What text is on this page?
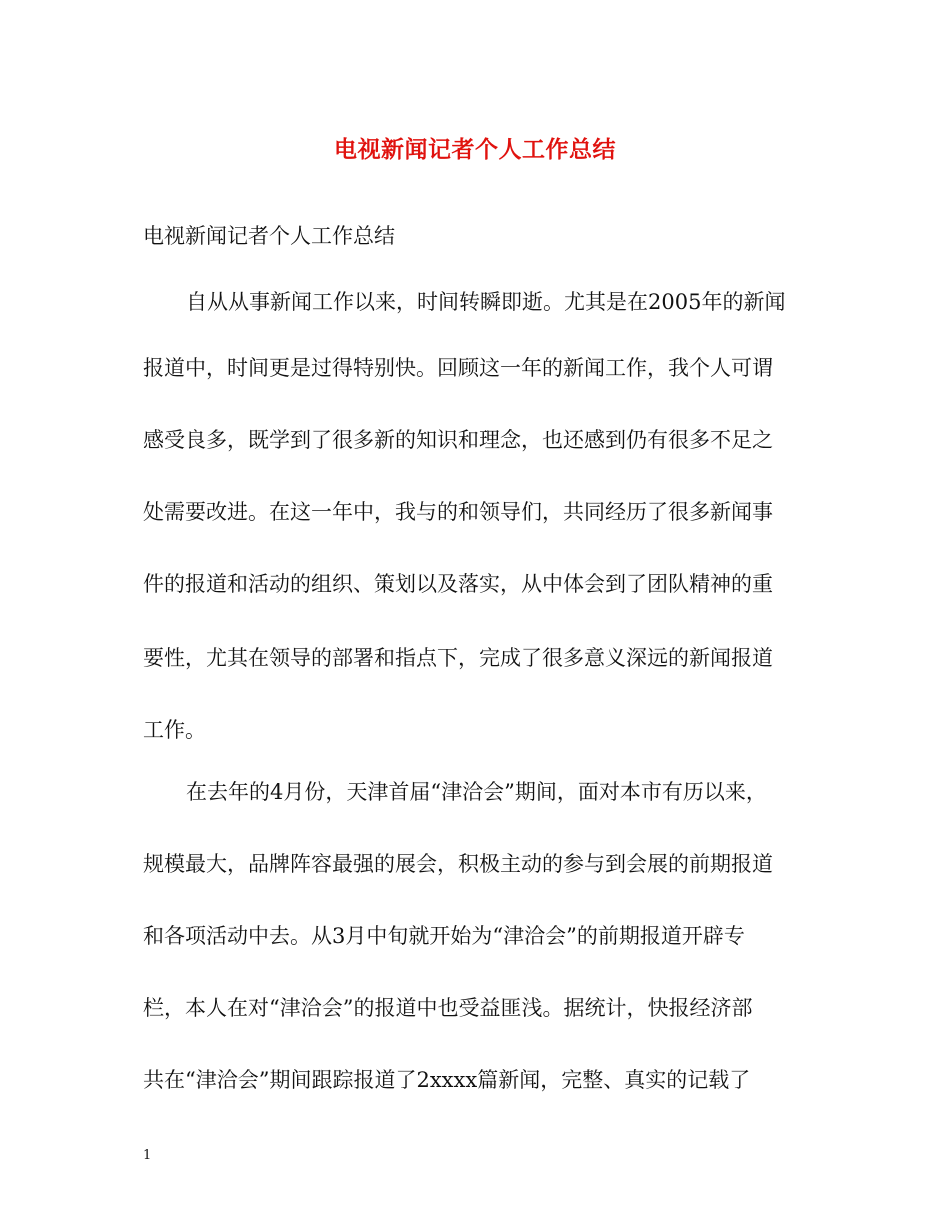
电视新闻记者个人工作总结
电视新闻记者个人工作总结
自从从事新闻工作以来，时间转瞬即逝。尤其是在2005年的新闻
报道中，时间更是过得特别快。回顾这一年的新闻工作，我个人可谓
感受良多，既学到了很多新的知识和理念，也还感到仍有很多不足之
处需要改进。在这一年中，我与的和领导们，共同经历了很多新闻事
件的报道和活动的组织、策划以及落实，从中体会到了团队精神的重
要性，尤其在领导的部署和指点下，完成了很多意义深远的新闻报道
工作。
在去年的4月份，天津首届“津洽会”期间，面对本市有历以来，
规模最大，品牌阵容最强的展会，积极主动的参与到会展的前期报道
和各项活动中去。从3月中旬就开始为“津洽会”的前期报道开辟专
栏，本人在对“津洽会”的报道中也受益匪浅。据统计，快报经济部
共在“津洽会”期间跟踪报道了2xxxx篇新闻，完整、真实的记载了
1
